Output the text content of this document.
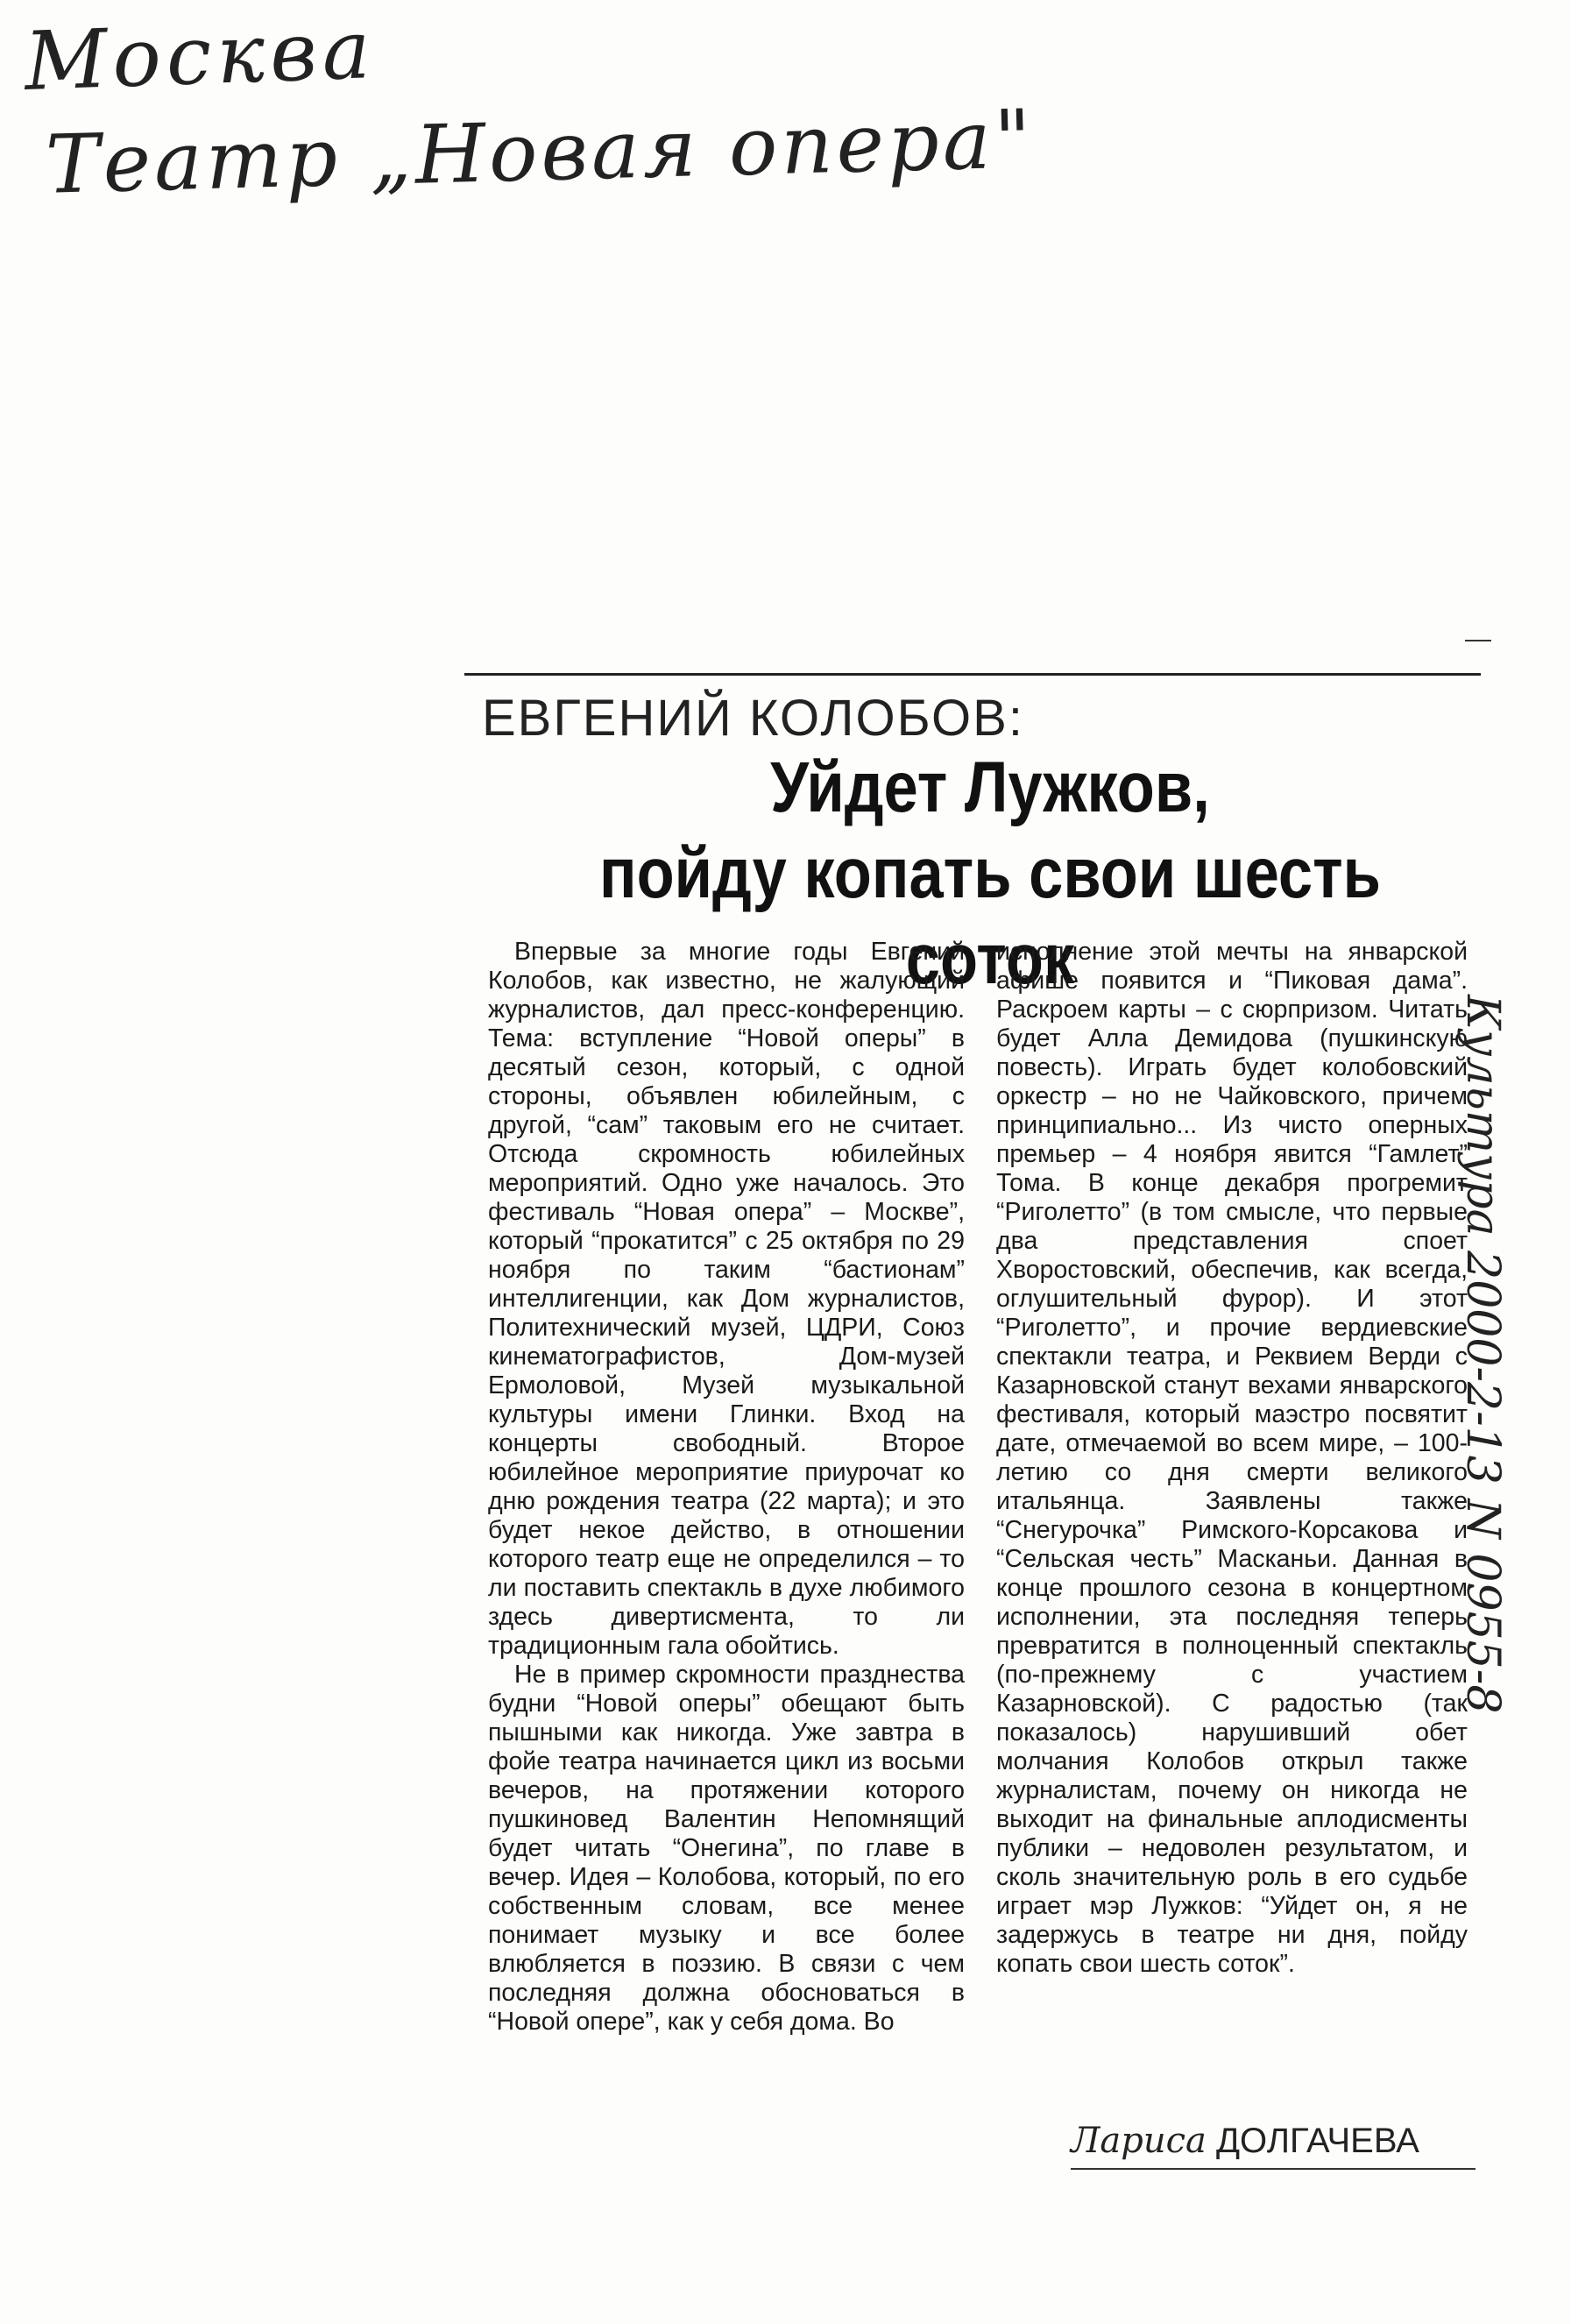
Москва
Театр „Новая опера"
ЕВГЕНИЙ КОЛОБОВ:
Уйдет Лужков,
пойду копать свои шесть соток

Впервые за многие годы Евгений Колобов, как известно, не жалующий журналистов, дал пресс-конференцию. Тема: вступление “Новой оперы” в десятый сезон, который, с одной стороны, объявлен юбилейным, с другой, “сам” таковым его не считает. Отсюда скромность юбилейных мероприятий. Одно уже началось. Это фестиваль “Новая опера” – Москве”, который “прокатится” с 25 октября по 29 ноября по таким “бастионам” интеллигенции, как Дом журналистов, Политехнический музей, ЦДРИ, Союз кинематографистов, Дом-музей Ермоловой, Музей музыкальной культуры имени Глинки. Вход на концерты свободный. Второе юбилейное мероприятие приурочат ко дню рождения театра (22 марта); и это будет некое действо, в отношении которого театр еще не определился – то ли поставить спектакль в духе любимого здесь дивертисмента, то ли традиционным гала обойтись.

Не в пример скромности празднества будни “Новой оперы” обещают быть пышными как никогда. Уже завтра в фойе театра начинается цикл из восьми вечеров, на протяжении которого пушкиновед Валентин Непомнящий будет читать “Онегина”, по главе в вечер. Идея – Колобова, который, по его собственным словам, все менее понимает музыку и все более влюбляется в поэзию. В связи с чем последняя должна обосноваться в “Новой опере”, как у себя дома. Во

исполнение этой мечты на январской афише появится и “Пиковая дама”. Раскроем карты – с сюрпризом. Читать будет Алла Демидова (пушкинскую повесть). Играть будет колобовский оркестр – но не Чайковского, причем принципиально... Из чисто оперных премьер – 4 ноября явится “Гамлет” Тома. В конце декабря прогремит “Риголетто” (в том смысле, что первые два представления споет Хворостовский, обеспечив, как всегда, оглушительный фурор). И этот “Риголетто”, и прочие вердиевские спектакли театра, и Реквием Верди с Казарновской станут вехами январского фестиваля, который маэстро посвятит дате, отмечаемой во всем мире, – 100-летию со дня смерти великого итальянца. Заявлены также “Снегурочка” Римского-Корсакова и “Сельская честь” Масканьи. Данная в конце прошлого сезона в концертном исполнении, эта последняя теперь превратится в полноценный спектакль (по-прежнему с участием Казарновской). С радостью (так показалось) нарушивший обет молчания Колобов открыл также журналистам, почему он никогда не выходит на финальные аплодисменты публики – недоволен результатом, и сколь значительную роль в его судьбе играет мэр Лужков: “Уйдет он, я не задержусь в театре ни дня, пойду копать свои шесть соток”.

Лариса ДОЛГАЧЕВА
Культура 2000-2-13 N 0955-8
